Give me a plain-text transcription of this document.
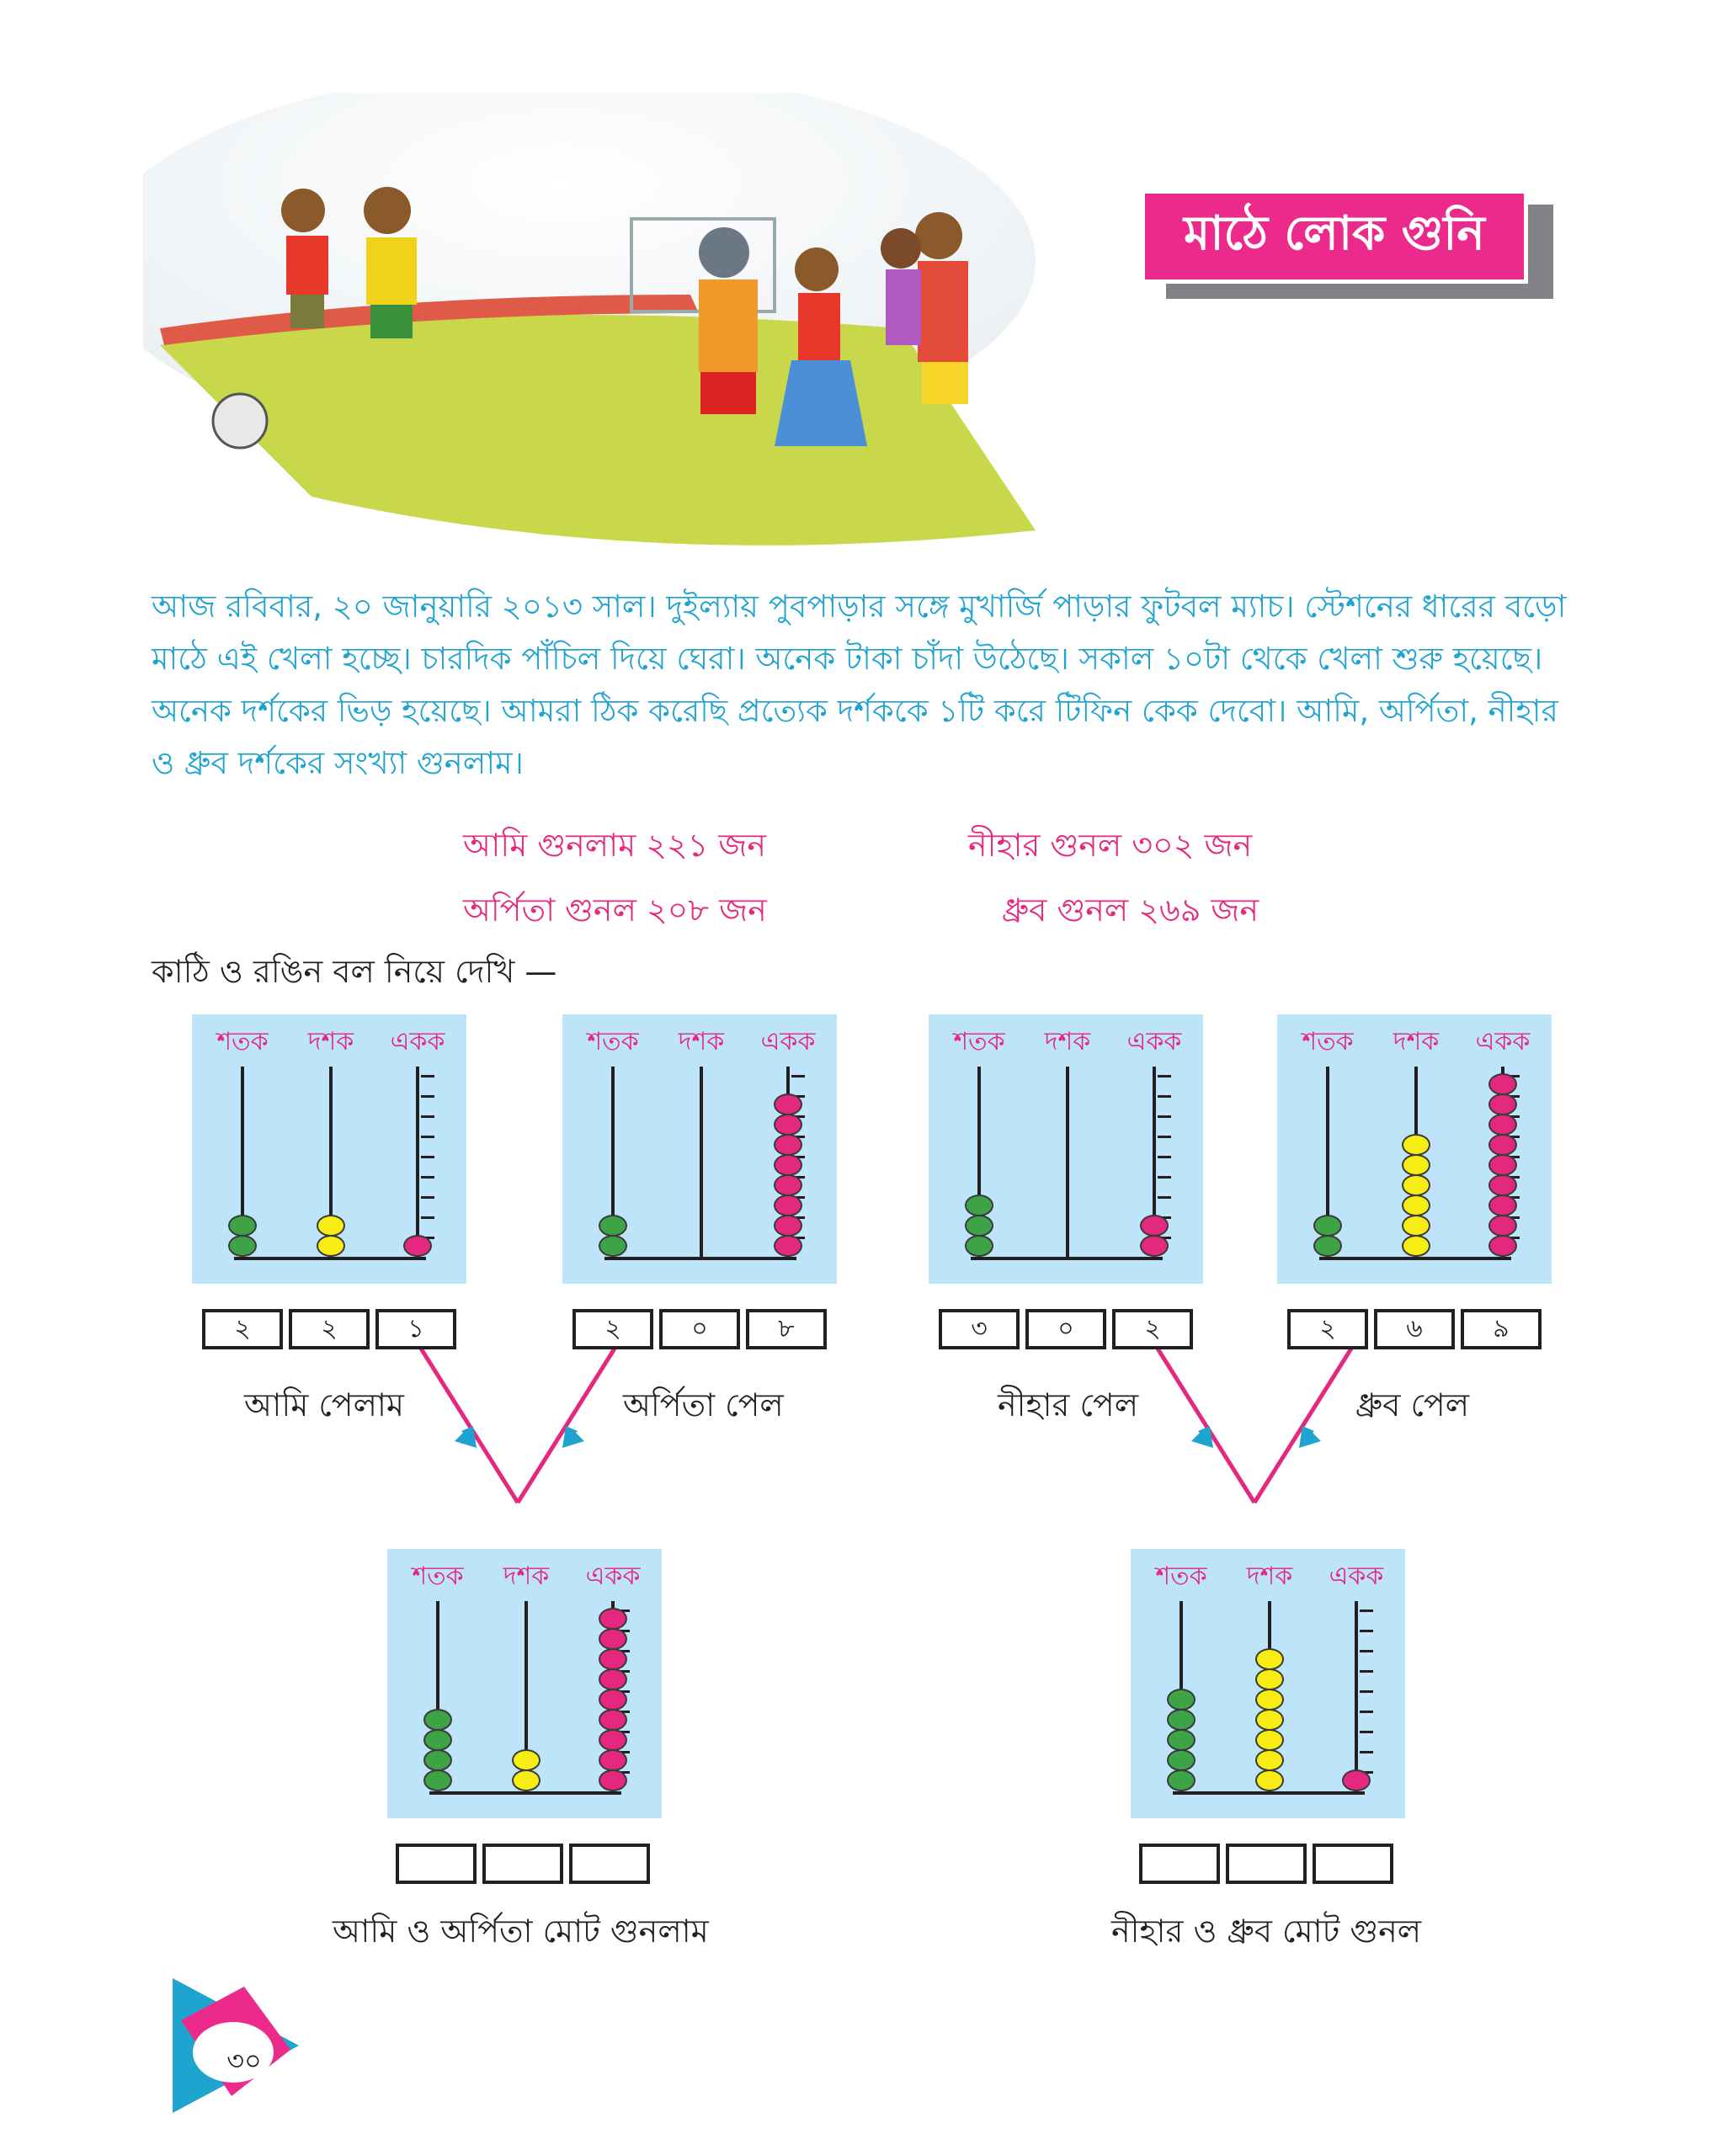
মাঠে লোক গুনি
আজ রবিবার, ২০ জানুয়ারি ২০১৩ সাল। দুইল্যায় পুবপাড়ার সঙ্গে মুখার্জি পাড়ার ফুটবল ম্যাচ। স্টেশনের ধারের বড়ো মাঠে এই খেলা হচ্ছে। চারদিক পাঁচিল দিয়ে ঘেরা। অনেক টাকা চাঁদা উঠেছে। সকাল ১০টা থেকে খেলা শুরু হয়েছে। অনেক দর্শকের ভিড় হয়েছে। আমরা ঠিক করেছি প্রত্যেক দর্শককে ১টি করে টিফিন কেক দেবো। আমি, অর্পিতা, নীহার ও ধ্রুব দর্শকের সংখ্যা গুনলাম।
আমি গুনলাম ২২১ জন	নীহার গুনল ৩০২ জন
অর্পিতা গুনল ২০৮ জন	ধ্রুব গুনল ২৬৯ জন
কাঠি ও রঙিন বল নিয়ে দেখি —
শতক দশক একক	শতক দশক একক	শতক দশক একক	শতক দশক একক
শতক দশক একক	শতক দশক একক
২	২	১	২	০	৮	৩	০	২	২	৬	৯
আমি পেলাম	অর্পিতা পেল	নীহার পেল	ধ্রুব পেল
আমি ও অর্পিতা মোট গুনলাম	নীহার ও ধ্রুব মোট গুনল
৩০
